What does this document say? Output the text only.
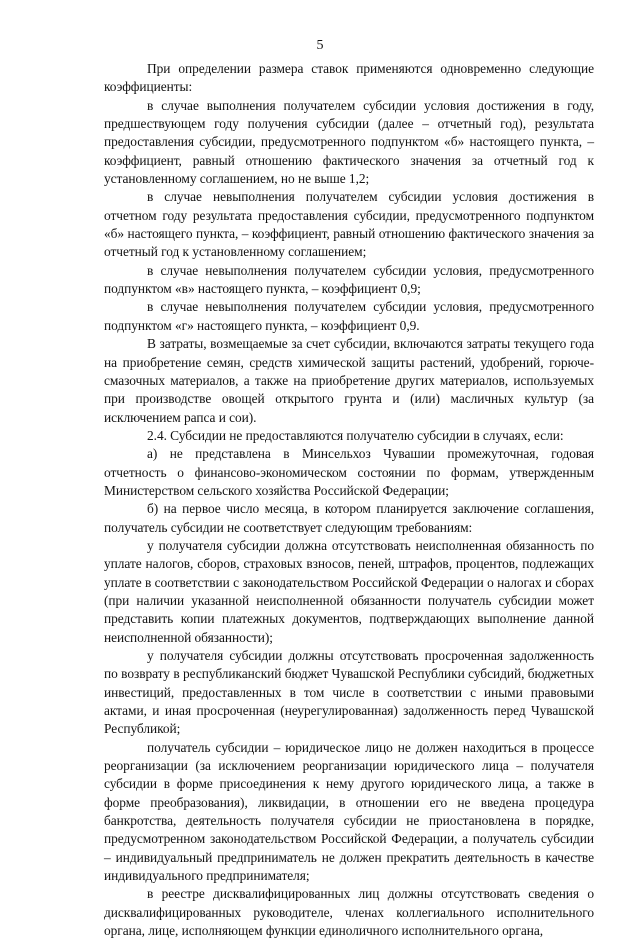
5

При определении размера ставок применяются одновременно следующие коэффициенты:

в случае выполнения получателем субсидии условия достижения в году, предшествующем году получения субсидии (далее – отчетный год), результата предоставления субсидии, предусмотренного подпунктом «б» настоящего пункта, – коэффициент, равный отношению фактического значения за отчетный год к установленному соглашением, но не выше 1,2;

в случае невыполнения получателем субсидии условия достижения в отчетном году результата предоставления субсидии, предусмотренного подпунктом «б» настоящего пункта, – коэффициент, равный отношению фактического значения за отчетный год к установленному соглашением;

в случае невыполнения получателем субсидии условия, предусмотренного подпунктом «в» настоящего пункта, – коэффициент 0,9;

в случае невыполнения получателем субсидии условия, предусмотренного подпунктом «г» настоящего пункта, – коэффициент 0,9.

В затраты, возмещаемые за счет субсидии, включаются затраты текущего года на приобретение семян, средств химической защиты растений, удобрений, горюче-смазочных материалов, а также на приобретение других материалов, используемых при производстве овощей открытого грунта и (или) масличных культур (за исключением рапса и сои).

2.4. Субсидии не предоставляются получателю субсидии в случаях, если:

а) не представлена в Минсельхоз Чувашии промежуточная, годовая отчетность о финансово-экономическом состоянии по формам, утвержденным Министерством сельского хозяйства Российской Федерации;

б) на первое число месяца, в котором планируется заключение соглашения, получатель субсидии не соответствует следующим требованиям:

у получателя субсидии должна отсутствовать неисполненная обязанность по уплате налогов, сборов, страховых взносов, пеней, штрафов, процентов, подлежащих уплате в соответствии с законодательством Российской Федерации о налогах и сборах (при наличии указанной неисполненной обязанности получатель субсидии может представить копии платежных документов, подтверждающих выполнение данной неисполненной обязанности);

у получателя субсидии должны отсутствовать просроченная задолженность по возврату в республиканский бюджет Чувашской Республики субсидий, бюджетных инвестиций, предоставленных в том числе в соответствии с иными правовыми актами, и иная просроченная (неурегулированная) задолженность перед Чувашской Республикой;

получатель субсидии – юридическое лицо не должен находиться в процессе реорганизации (за исключением реорганизации юридического лица – получателя субсидии в форме присоединения к нему другого юридического лица, а также в форме преобразования), ликвидации, в отношении его не введена процедура банкротства, деятельность получателя субсидии не приостановлена в порядке, предусмотренном законодательством Российской Федерации, а получатель субсидии – индивидуальный предприниматель не должен прекратить деятельность в качестве индивидуального предпринимателя;

в реестре дисквалифицированных лиц должны отсутствовать сведения о дисквалифицированных руководителе, членах коллегиального исполнительного органа, лице, исполняющем функции единоличного исполнительного органа,
